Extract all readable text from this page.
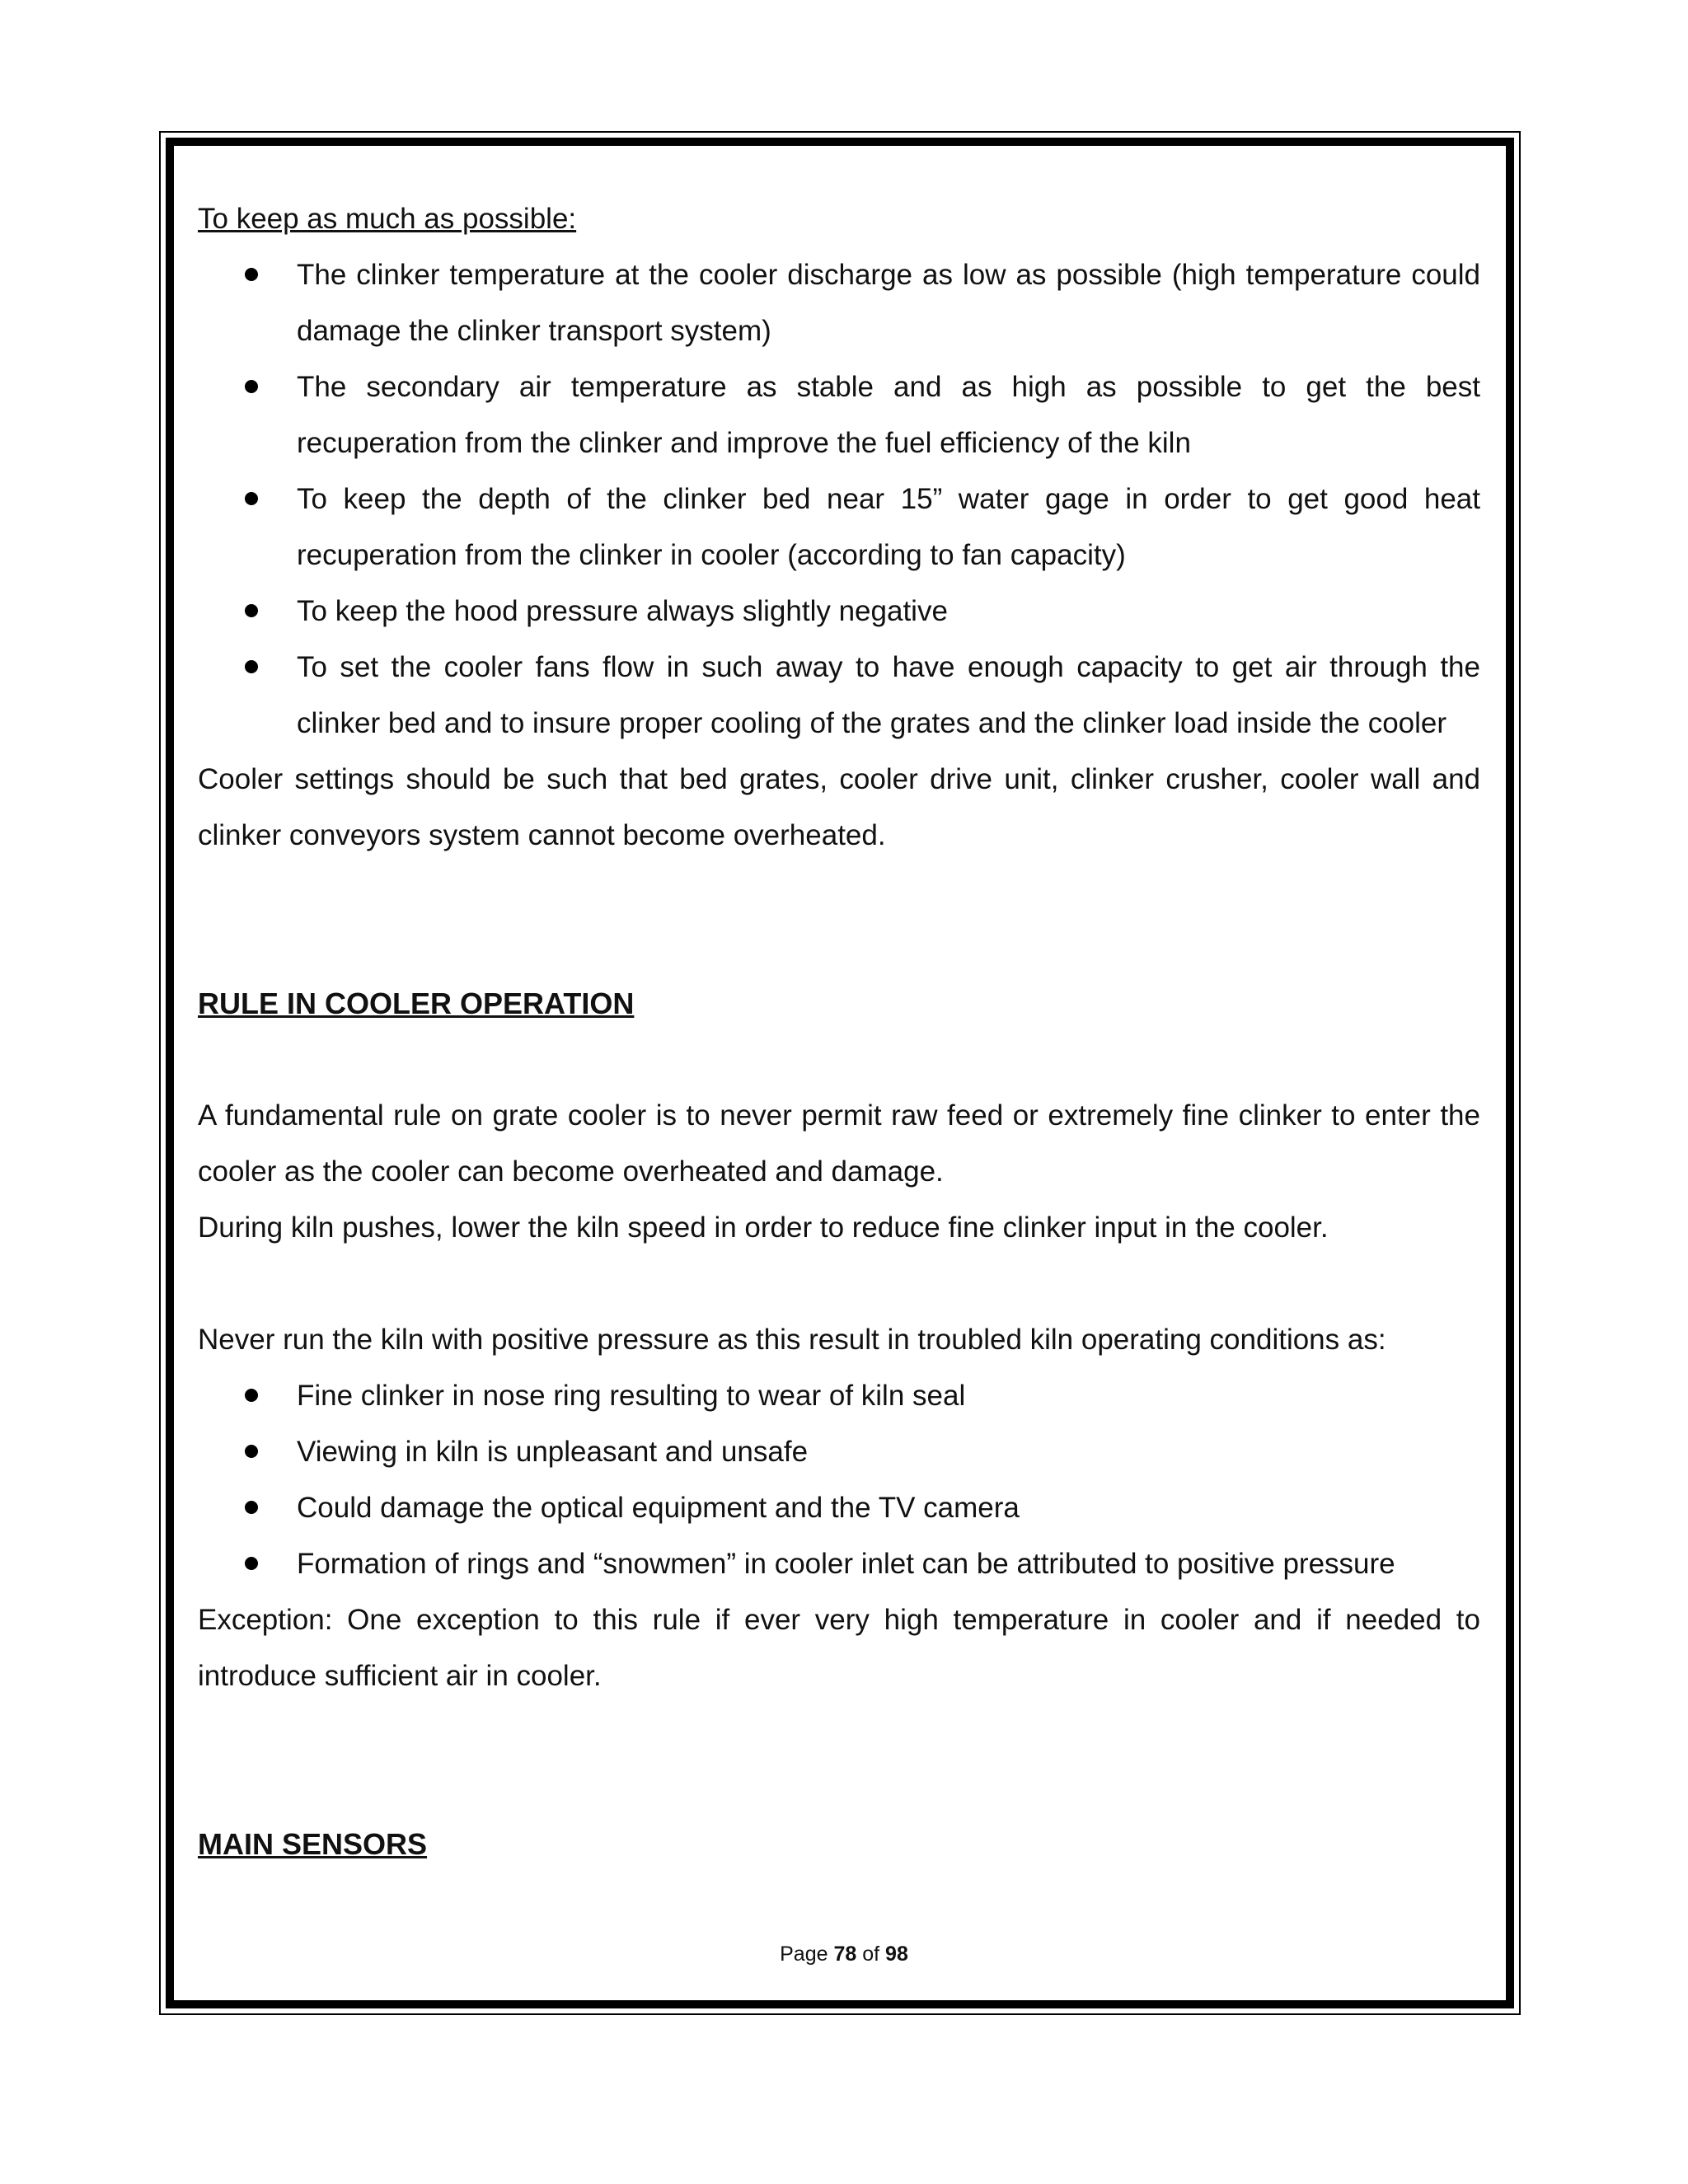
To keep as much as possible:

The clinker temperature at the cooler discharge as low as possible (high temperature could damage the clinker transport system)
The secondary air temperature as stable and as high as possible to get the best recuperation from the clinker and improve the fuel efficiency of the kiln
To keep the depth of the clinker bed near 15” water gage in order to get good heat recuperation from the clinker in cooler (according to fan capacity)
To keep the hood pressure always slightly negative
To set the cooler fans flow in such away to have enough capacity to get air through the clinker bed and to insure proper cooling of the grates and the clinker load inside the cooler

Cooler settings should be such that bed grates, cooler drive unit, clinker crusher, cooler wall and clinker conveyors system cannot become overheated.

RULE IN COOLER OPERATION

A fundamental rule on grate cooler is to never permit raw feed or extremely fine clinker to enter the cooler as the cooler can become overheated and damage.

During kiln pushes, lower the kiln speed in order to reduce fine clinker input in the cooler.

Never run the kiln with positive pressure as this result in troubled kiln operating conditions as:

Fine clinker in nose ring resulting to wear of kiln seal
Viewing in kiln is unpleasant and unsafe
Could damage the optical equipment and the TV camera
Formation of rings and “snowmen” in cooler inlet can be attributed to positive pressure

Exception: One exception to this rule if ever very high temperature in cooler and if needed to introduce sufficient air in cooler.

MAIN SENSORS

Page 78 of 98
